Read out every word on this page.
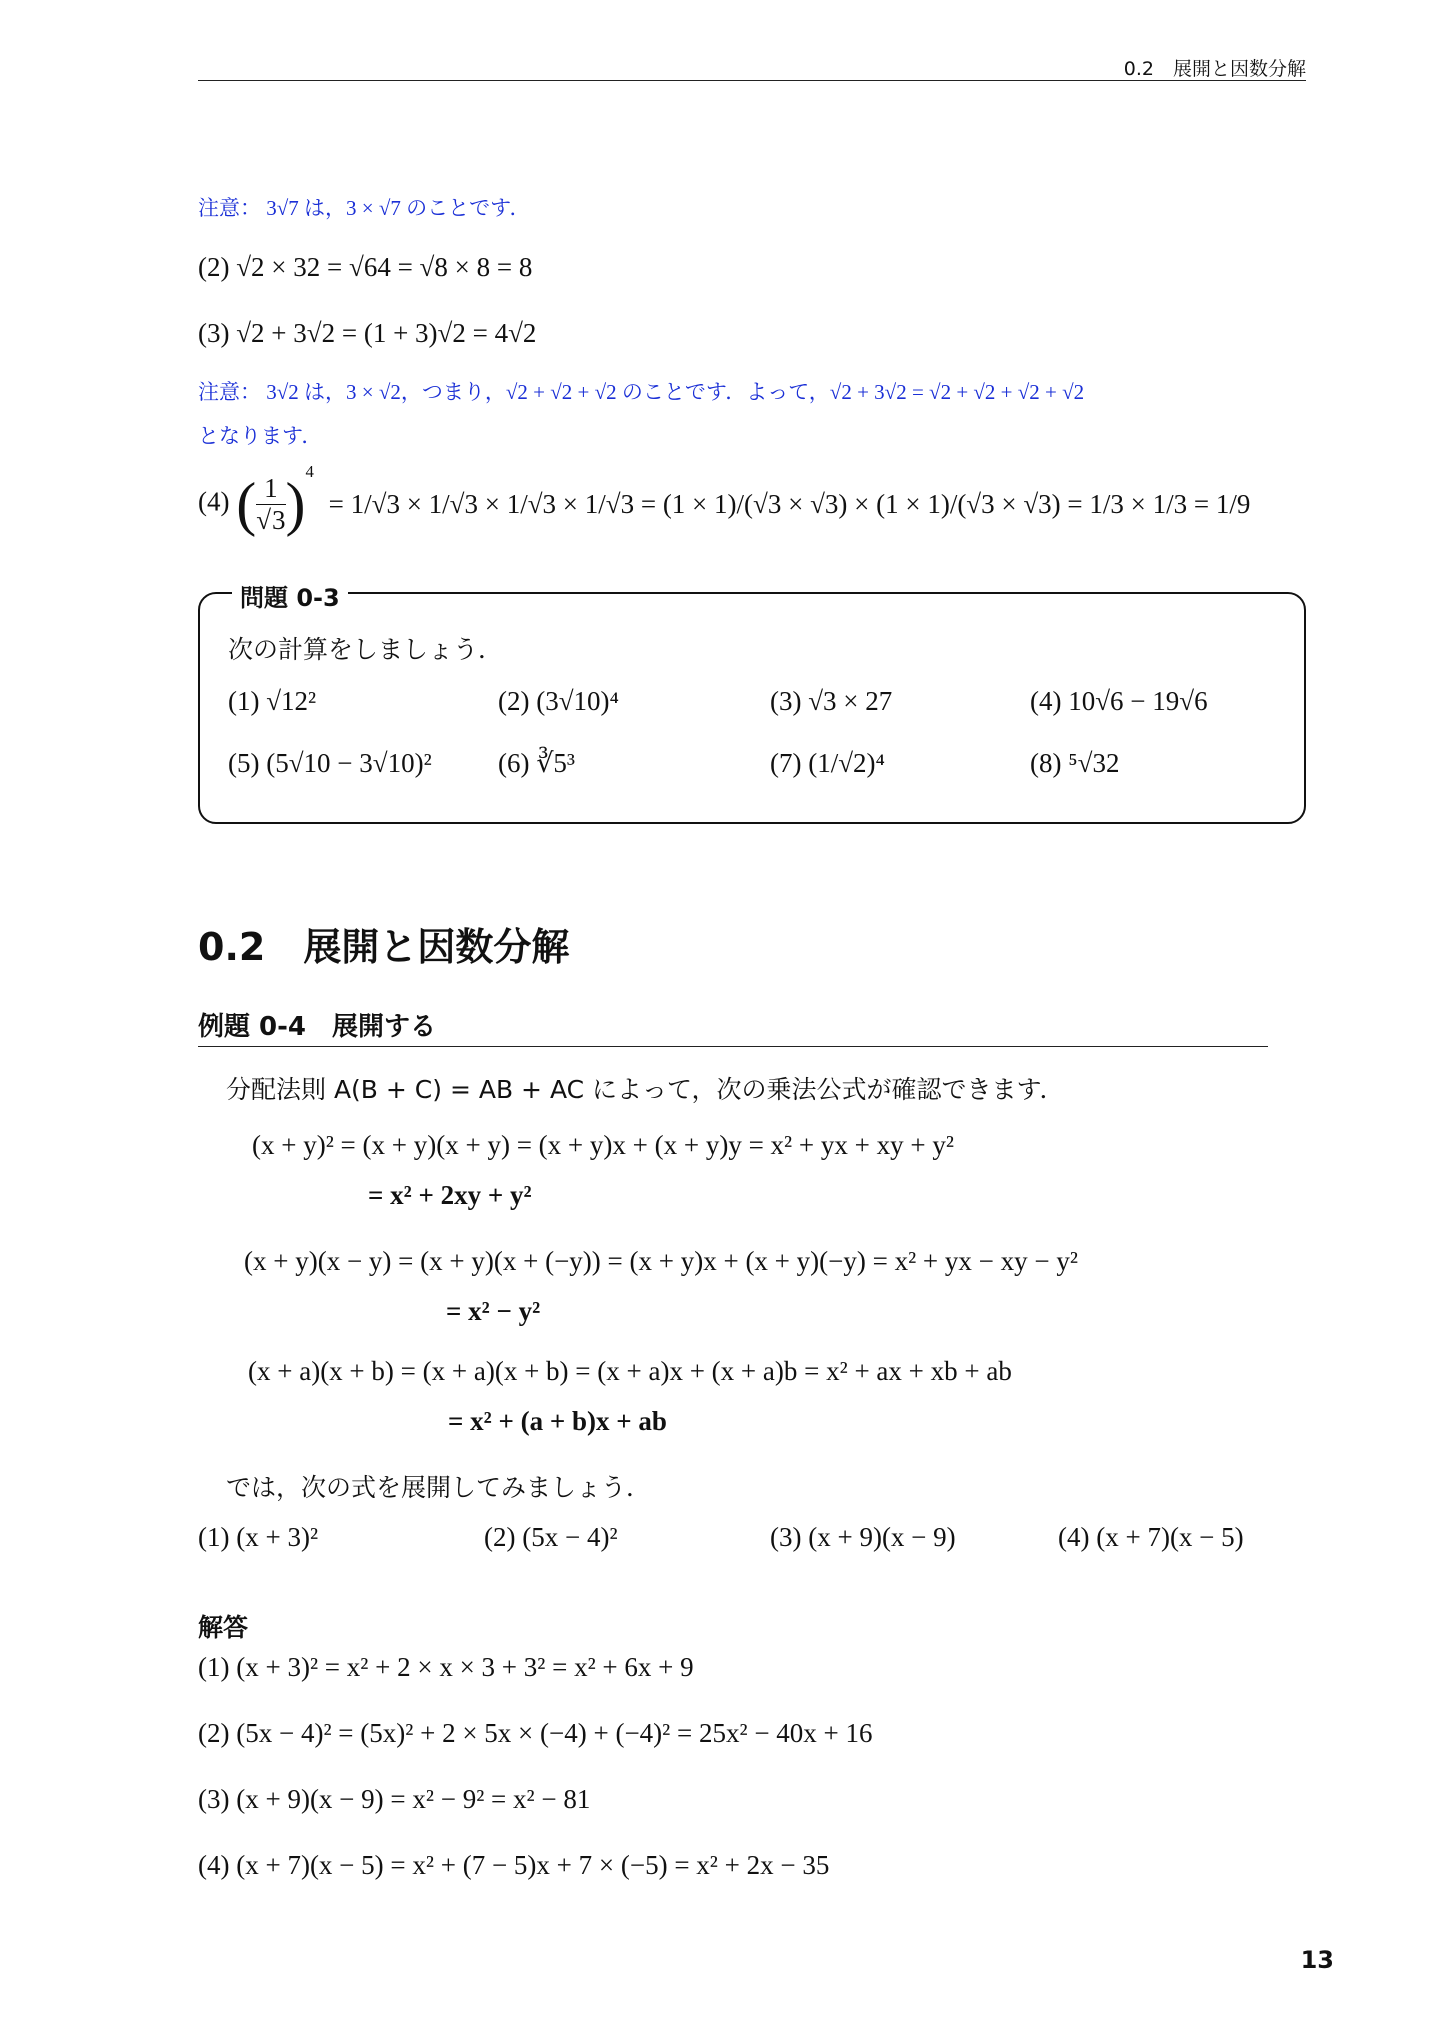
0.2　展開と因数分解
注意： 3√7 は，3 × √7 のことです．
(2) √2 × 32 = √64 = √8 × 8 = 8
(3) √2 + 3√2 = (1 + 3)√2 = 4√2
注意： 3√2 は，3 × √2，つまり，√2 + √2 + √2 のことです．よって，√2 + 3√2 = √2 + √2 + √2 + √2
となります．
(4) ( $\frac{1}{√3} )^4 = 1/√3 \times 1/√3 \times 1/√3 \times 1/√3 = (1 \times 1)/(√3 \times √3) \times (1 \times 1)/(√3 \times √3) = 1/3 \times 1/3 = 1/9$
問題 0-3
次の計算をしましょう．
(1) √12²	(2) (3√10)⁴	(3) √3 × 27	(4) 10√6 − 19√6
(5) (5√10 − 3√10)² (6) ∛5³	(7) (1/√2)⁴	(8) ⁵√32
0.2　展開と因数分解
例題 0-4　展開する
分配法則 A(B + C) = AB + AC によって，次の乗法公式が確認できます．
(x + y)² = (x + y)(x + y) = (x + y)x + (x + y)y = x² + yx + xy + y²
= x² + 2xy + y²
(x + y)(x − y) = (x + y)(x + (−y)) = (x + y)x + (x + y)(−y) = x² + yx − xy − y²
= x² − y²
(x + a)(x + b) = (x + a)(x + b) = (x + a)x + (x + a)b = x² + ax + xb + ab
= x² + (a + b)x + ab
では，次の式を展開してみましょう．
(1) (x + 3)²	(2) (5x − 4)²	(3) (x + 9)(x − 9)	(4) (x + 7)(x − 5)
解答
(1) (x + 3)² = x² + 2 × x × 3 + 3² = x² + 6x + 9
(2) (5x − 4)² = (5x)² + 2 × 5x × (−4) + (−4)² = 25x² − 40x + 16
(3) (x + 9)(x − 9) = x² − 9² = x² − 81
(4) (x + 7)(x − 5) = x² + (7 − 5)x + 7 × (−5) = x² + 2x − 35
13
